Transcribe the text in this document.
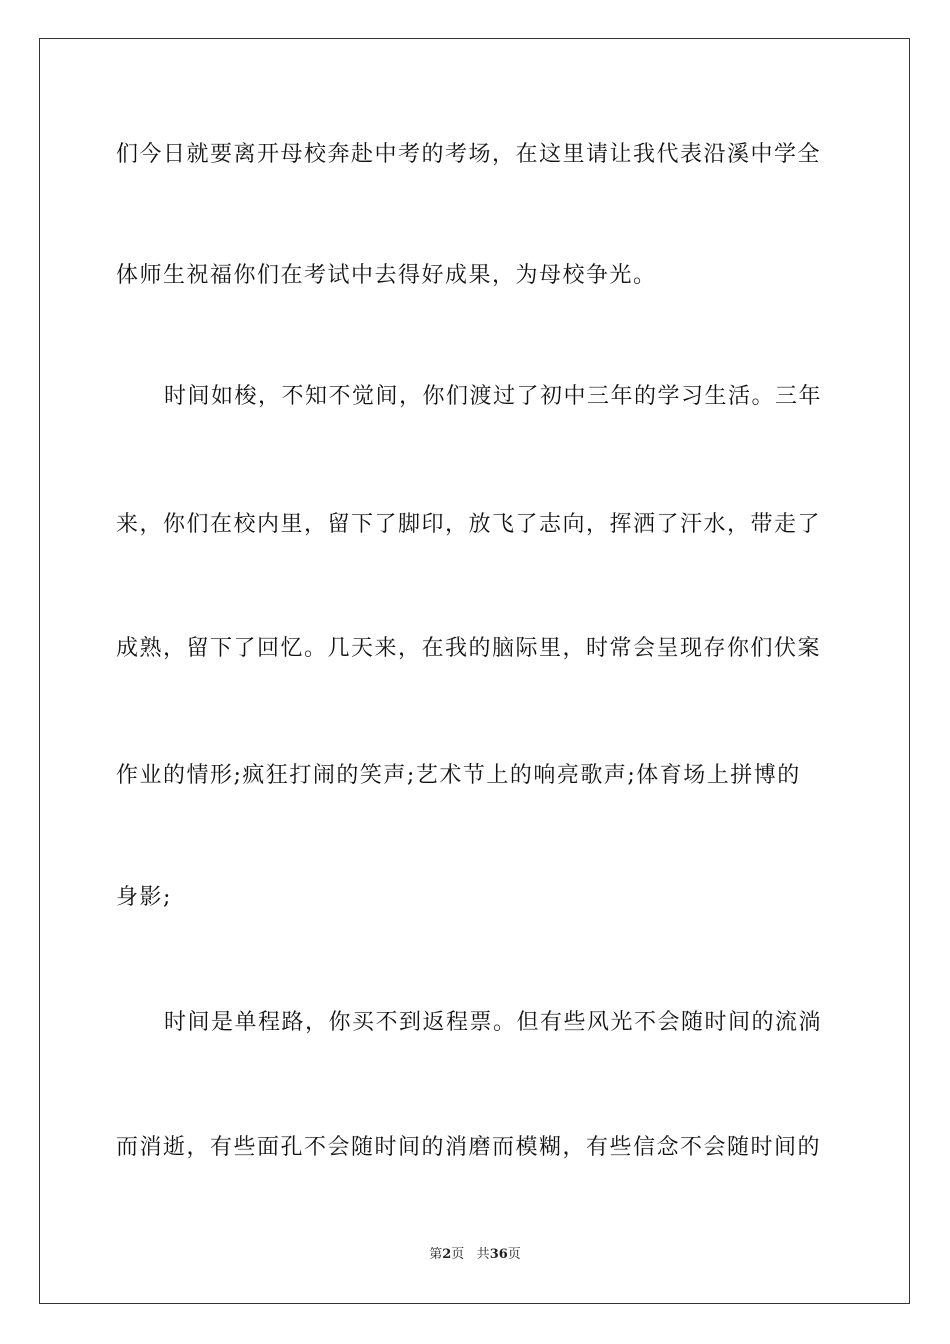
们今日就要离开母校奔赴中考的考场，在这里请让我代表沿溪中学全
体师生祝福你们在考试中去得好成果，为母校争光。
时间如梭，不知不觉间，你们渡过了初中三年的学习生活。三年
来，你们在校内里，留下了脚印，放飞了志向，挥洒了汗水，带走了
成熟，留下了回忆。几天来，在我的脑际里，时常会呈现存你们伏案
作业的情形;疯狂打闹的笑声;艺术节上的响亮歌声;体育场上拼博的
身影;
时间是单程路，你买不到返程票。但有些风光不会随时间的流淌
而消逝，有些面孔不会随时间的消磨而模糊，有些信念不会随时间的
第2页 共36页
